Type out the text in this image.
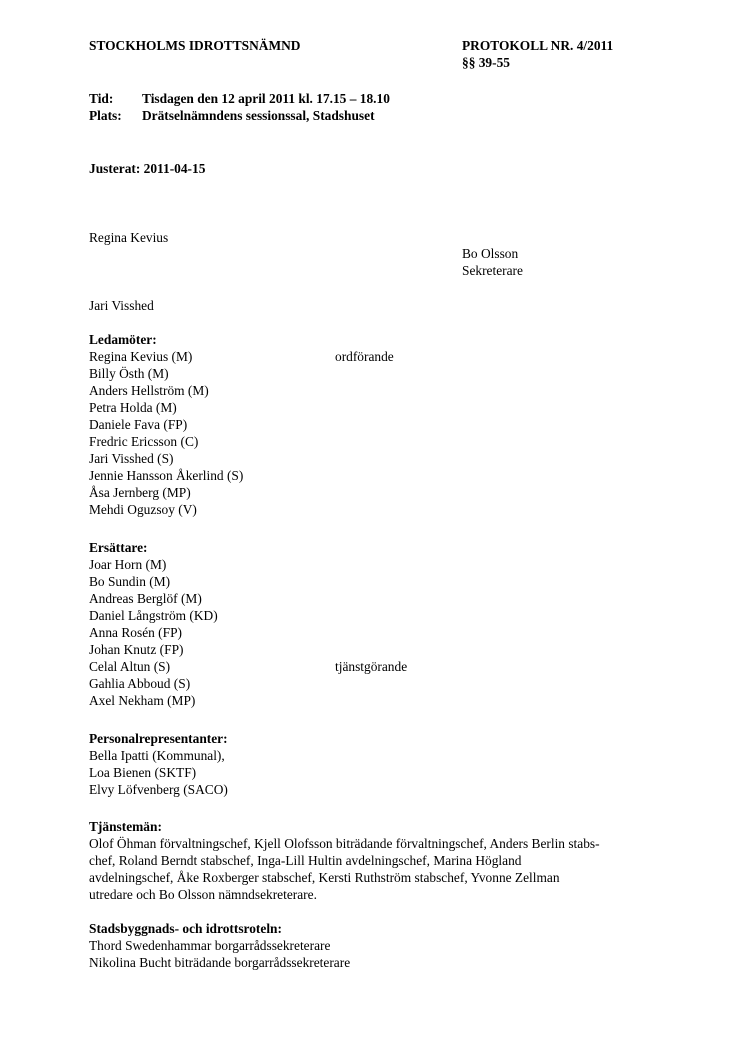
STOCKHOLMS IDROTTSNÄMND	PROTOKOLL NR. 4/2011
§§ 39-55
Tid: Tisdagen den 12 april 2011 kl. 17.15 – 18.10
Plats: Drätselnämndens sessionssal, Stadshuset
Justerat: 2011-04-15
Regina Kevius
Bo Olsson
Sekreterare
Jari Visshed
Ledamöter:
Regina Kevius (M)	ordförande
Billy Östh (M)
Anders Hellström (M)
Petra Holda (M)
Daniele Fava (FP)
Fredric Ericsson (C)
Jari Visshed (S)
Jennie Hansson Åkerlind (S)
Åsa Jernberg (MP)
Mehdi Oguzsoy (V)
Ersättare:
Joar Horn (M)
Bo Sundin (M)
Andreas Berglöf (M)
Daniel Långström (KD)
Anna Rosén (FP)
Johan Knutz (FP)
Celal Altun (S)	tjänstgörande
Gahlia Abboud (S)
Axel Nekham (MP)
Personalrepresentanter:
Bella Ipatti (Kommunal),
Loa Bienen (SKTF)
Elvy Löfvenberg (SACO)
Tjänstemän:
Olof Öhman förvaltningschef, Kjell Olofsson biträdande förvaltningschef, Anders Berlin stabs-
chef, Roland Berndt stabschef, Inga-Lill Hultin avdelningschef, Marina Högland
avdelningschef, Åke Roxberger stabschef, Kersti Ruthström stabschef, Yvonne Zellman
utredare och Bo Olsson nämndsekreterare.
Stadsbyggnads- och idrottsroteln:
Thord Swedenhammar borgarrådssekreterare
Nikolina Bucht biträdande borgarrådssekreterare
